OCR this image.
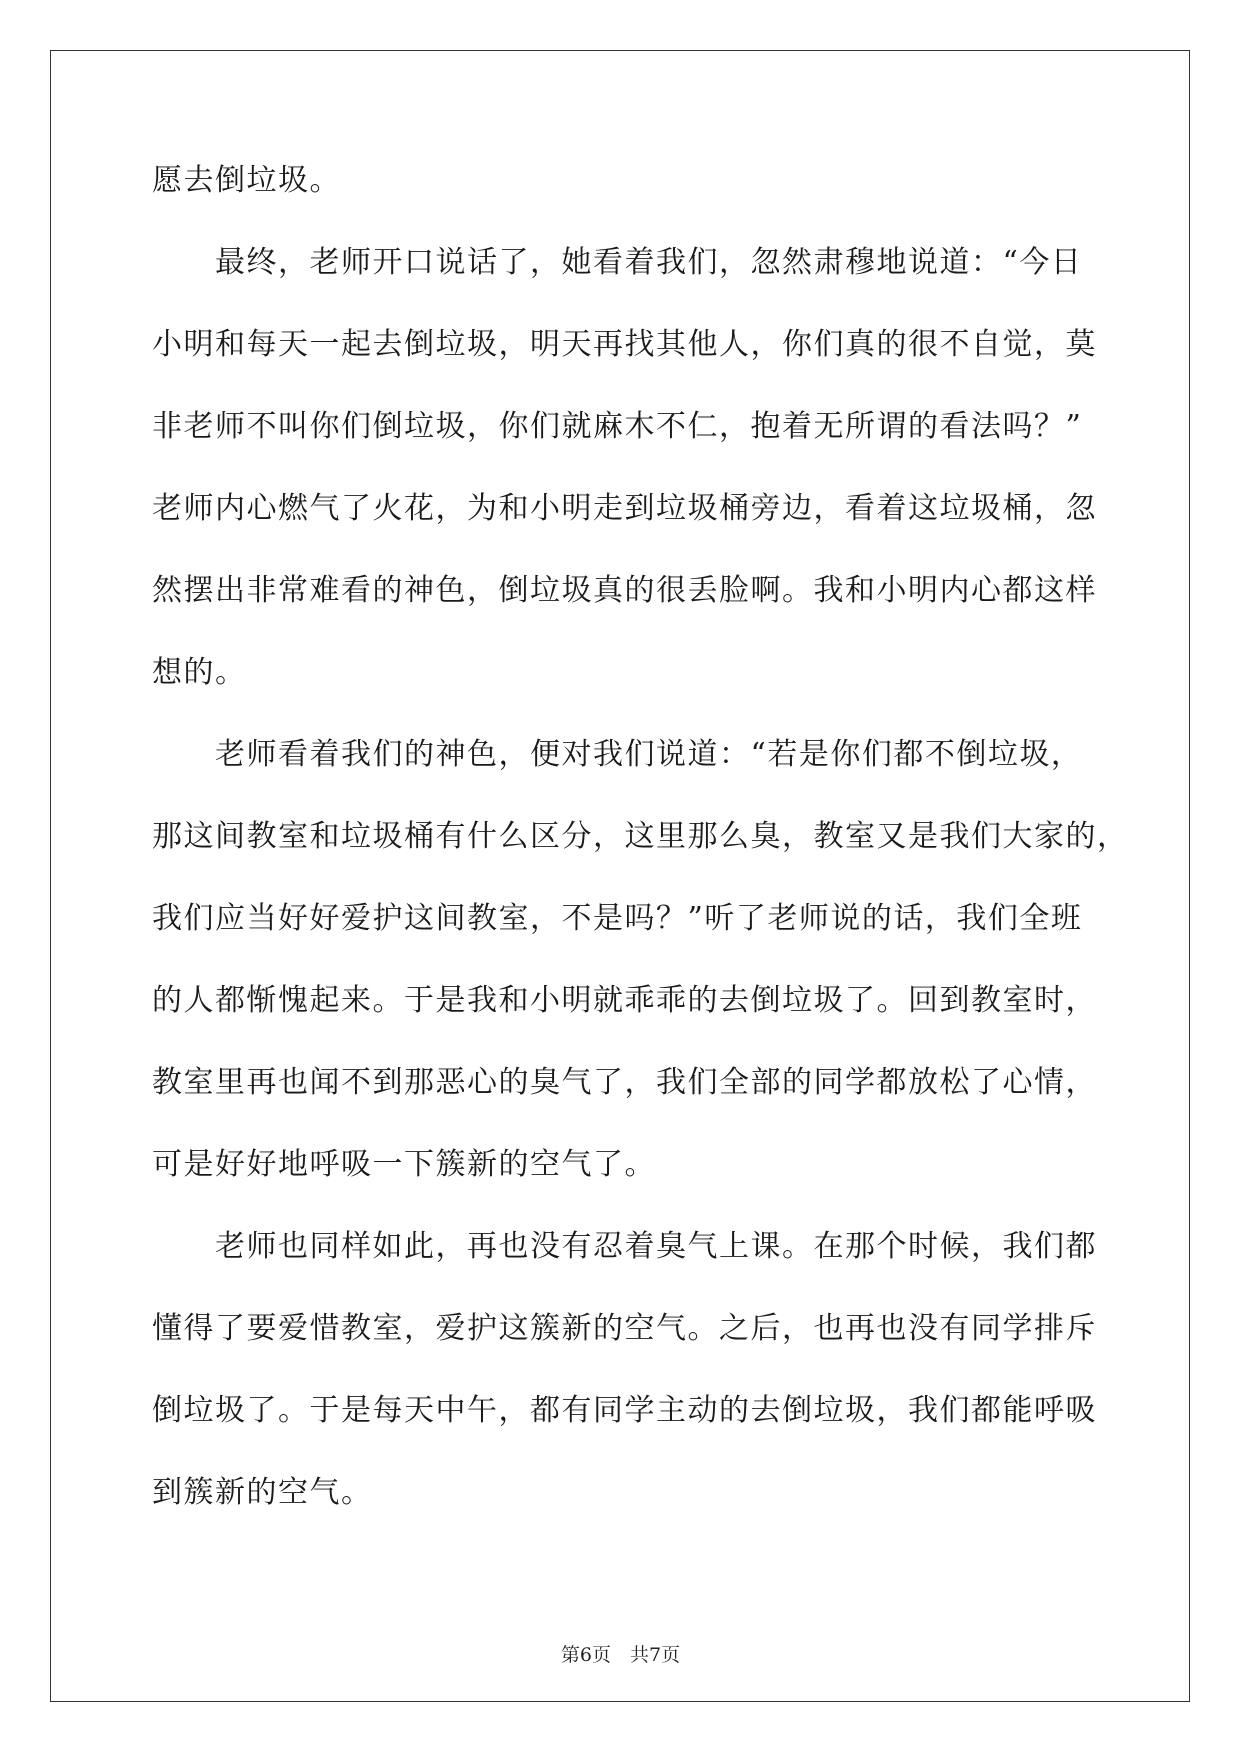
愿去倒垃圾。
　　最终，老师开口说话了，她看着我们，忽然肃穆地说道：“今日
小明和每天一起去倒垃圾，明天再找其他人，你们真的很不自觉，莫
非老师不叫你们倒垃圾，你们就麻木不仁，抱着无所谓的看法吗？”
老师内心燃气了火花，为和小明走到垃圾桶旁边，看着这垃圾桶，忽
然摆出非常难看的神色，倒垃圾真的很丢脸啊。我和小明内心都这样
想的。
　　老师看着我们的神色，便对我们说道：“若是你们都不倒垃圾，
那这间教室和垃圾桶有什么区分，这里那么臭，教室又是我们大家的，
我们应当好好爱护这间教室，不是吗？”听了老师说的话，我们全班
的人都惭愧起来。于是我和小明就乖乖的去倒垃圾了。回到教室时，
教室里再也闻不到那恶心的臭气了，我们全部的同学都放松了心情，
可是好好地呼吸一下簇新的空气了。
　　老师也同样如此，再也没有忍着臭气上课。在那个时候，我们都
懂得了要爱惜教室，爱护这簇新的空气。之后，也再也没有同学排斥
倒垃圾了。于是每天中午，都有同学主动的去倒垃圾，我们都能呼吸
到簇新的空气。
第6页　共7页
